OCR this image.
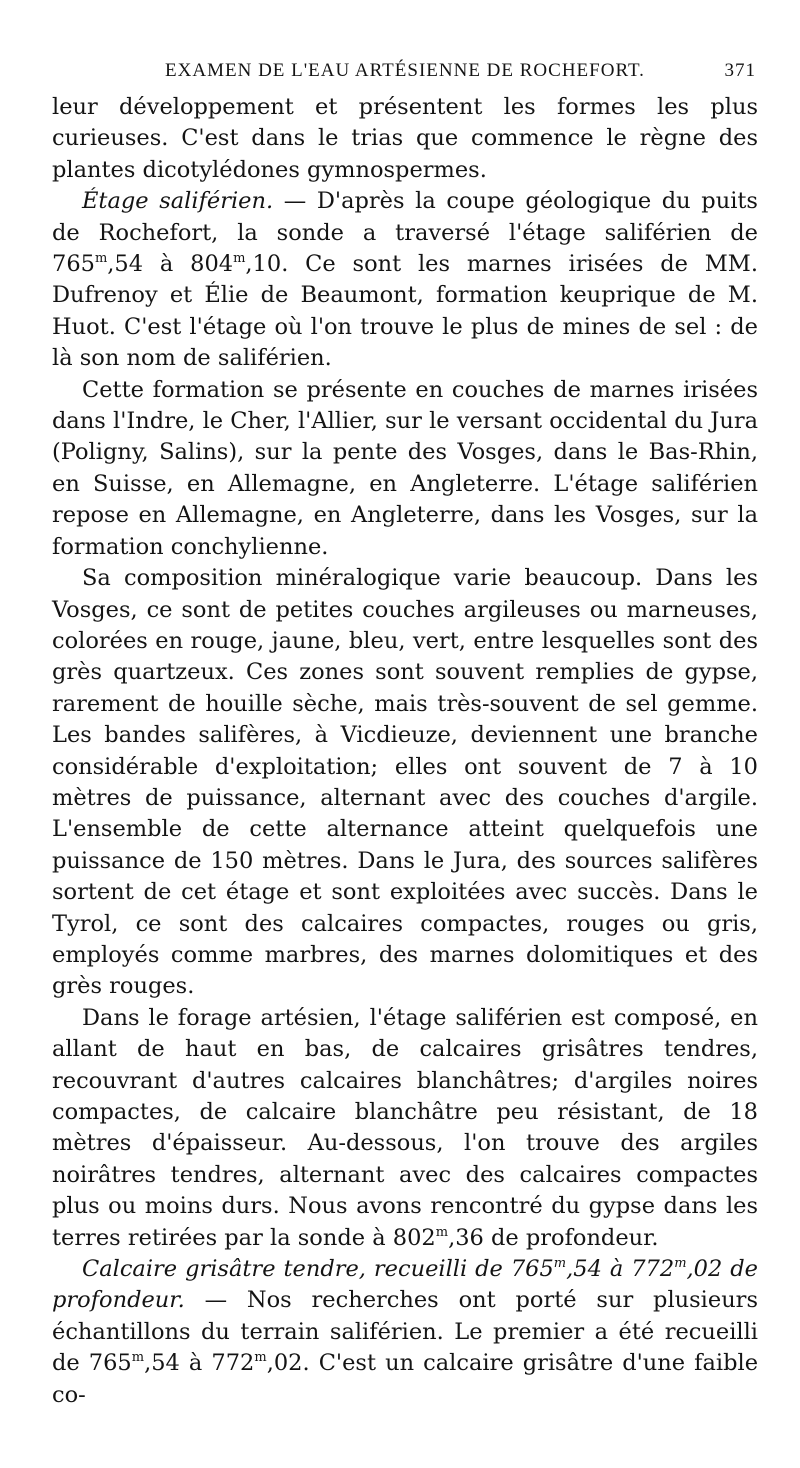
EXAMEN DE L'EAU ARTÉSIENNE DE ROCHEFORT.	371

leur développement et présentent les formes les plus curieuses. C'est dans le trias que commence le règne des plantes dicotylédones gymnospermes.

Étage saliférien. — D'après la coupe géologique du puits de Rochefort, la sonde a traversé l'étage saliférien de 765$^m$,54 à 804$^m$,10. Ce sont les marnes irisées de MM. Dufrenoy et Élie de Beaumont, formation keuprique de M. Huot. C'est l'étage où l'on trouve le plus de mines de sel : de là son nom de saliférien.

Cette formation se présente en couches de marnes irisées dans l'Indre, le Cher, l'Allier, sur le versant occidental du Jura (Poligny, Salins), sur la pente des Vosges, dans le Bas-Rhin, en Suisse, en Allemagne, en Angleterre. L'étage saliférien repose en Allemagne, en Angleterre, dans les Vosges, sur la formation conchylienne.

Sa composition minéralogique varie beaucoup. Dans les Vosges, ce sont de petites couches argileuses ou marneuses, colorées en rouge, jaune, bleu, vert, entre lesquelles sont des grès quartzeux. Ces zones sont souvent remplies de gypse, rarement de houille sèche, mais très-souvent de sel gemme. Les bandes salifères, à Vicdieuze, deviennent une branche considérable d'exploitation; elles ont souvent de 7 à 10 mètres de puissance, alternant avec des couches d'argile. L'ensemble de cette alternance atteint quelquefois une puissance de 150 mètres. Dans le Jura, des sources salifères sortent de cet étage et sont exploitées avec succès. Dans le Tyrol, ce sont des calcaires compactes, rouges ou gris, employés comme marbres, des marnes dolomitiques et des grès rouges.

Dans le forage artésien, l'étage saliférien est composé, en allant de haut en bas, de calcaires grisâtres tendres, recouvrant d'autres calcaires blanchâtres; d'argiles noires compactes, de calcaire blanchâtre peu résistant, de 18 mètres d'épaisseur. Au-dessous, l'on trouve des argiles noirâtres tendres, alternant avec des calcaires compactes plus ou moins durs. Nous avons rencontré du gypse dans les terres retirées par la sonde à 802$^m$,36 de profondeur.

Calcaire grisâtre tendre, recueilli de 765$^m$,54 à 772$^m$,02 de profondeur. — Nos recherches ont porté sur plusieurs échantillons du terrain saliférien. Le premier a été recueilli de 765$^m$,54 à 772$^m$,02. C'est un calcaire grisâtre d'une faible co-
